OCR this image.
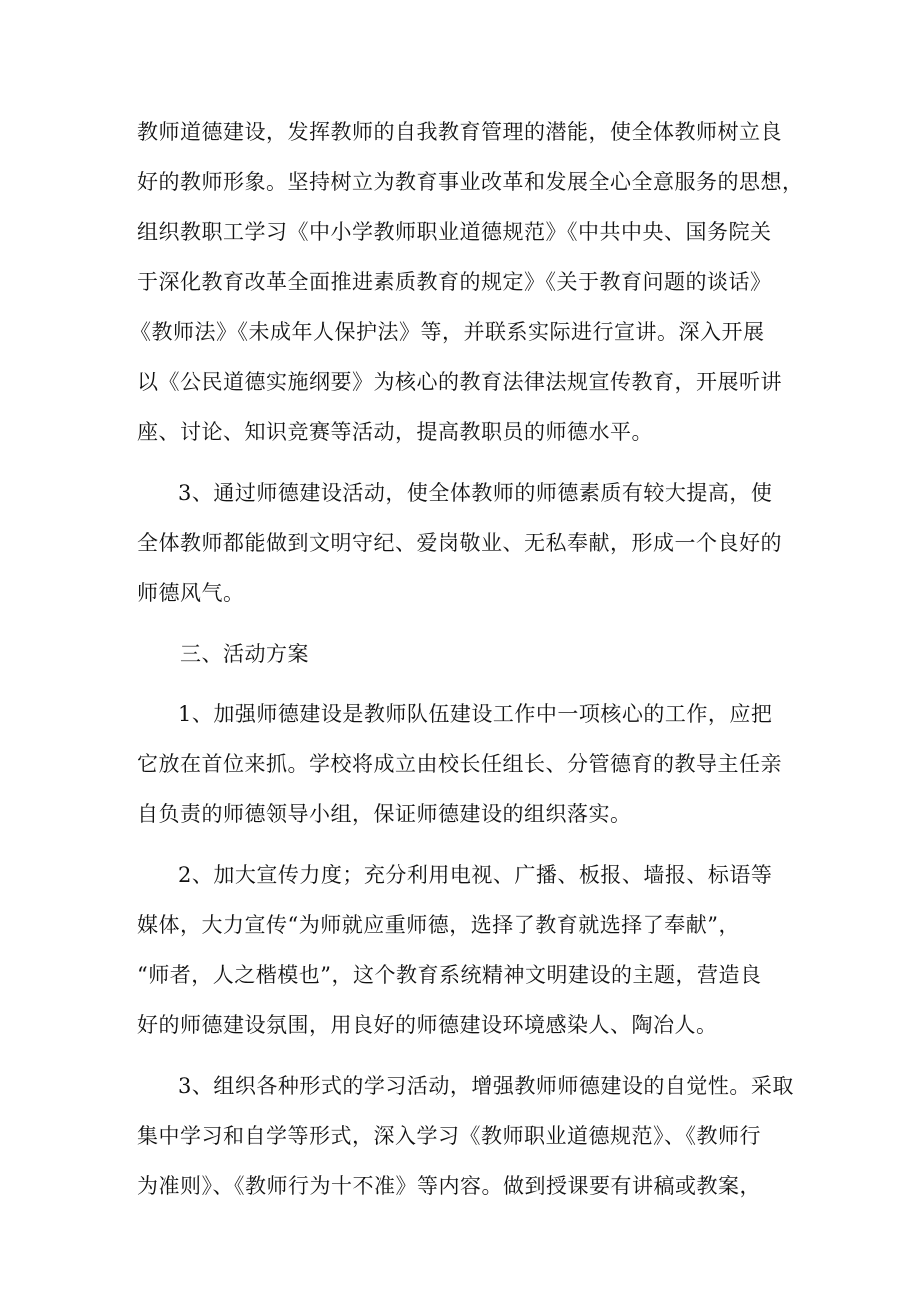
教师道德建设，发挥教师的自我教育管理的潜能，使全体教师树立良
好的教师形象。坚持树立为教育事业改革和发展全心全意服务的思想，
组织教职工学习《中小学教师职业道德规范》《中共中央、国务院关
于深化教育改革全面推进素质教育的规定》《关于教育问题的谈话》
《教师法》《未成年人保护法》等，并联系实际进行宣讲。深入开展
以《公民道德实施纲要》为核心的教育法律法规宣传教育，开展听讲
座、讨论、知识竞赛等活动，提高教职员的师德水平。
3、通过师德建设活动，使全体教师的师德素质有较大提高，使
全体教师都能做到文明守纪、爱岗敬业、无私奉献，形成一个良好的
师德风气。
三、活动方案
1、加强师德建设是教师队伍建设工作中一项核心的工作，应把
它放在首位来抓。学校将成立由校长任组长、分管德育的教导主任亲
自负责的师德领导小组，保证师德建设的组织落实。
2、加大宣传力度；充分利用电视、广播、板报、墙报、标语等
媒体，大力宣传“为师就应重师德，选择了教育就选择了奉献”，
“师者，人之楷模也”，这个教育系统精神文明建设的主题，营造良
好的师德建设氛围，用良好的师德建设环境感染人、陶冶人。
3、组织各种形式的学习活动，增强教师师德建设的自觉性。采取
集中学习和自学等形式，深入学习《教师职业道德规范》、《教师行
为准则》、《教师行为十不准》等内容。做到授课要有讲稿或教案，
